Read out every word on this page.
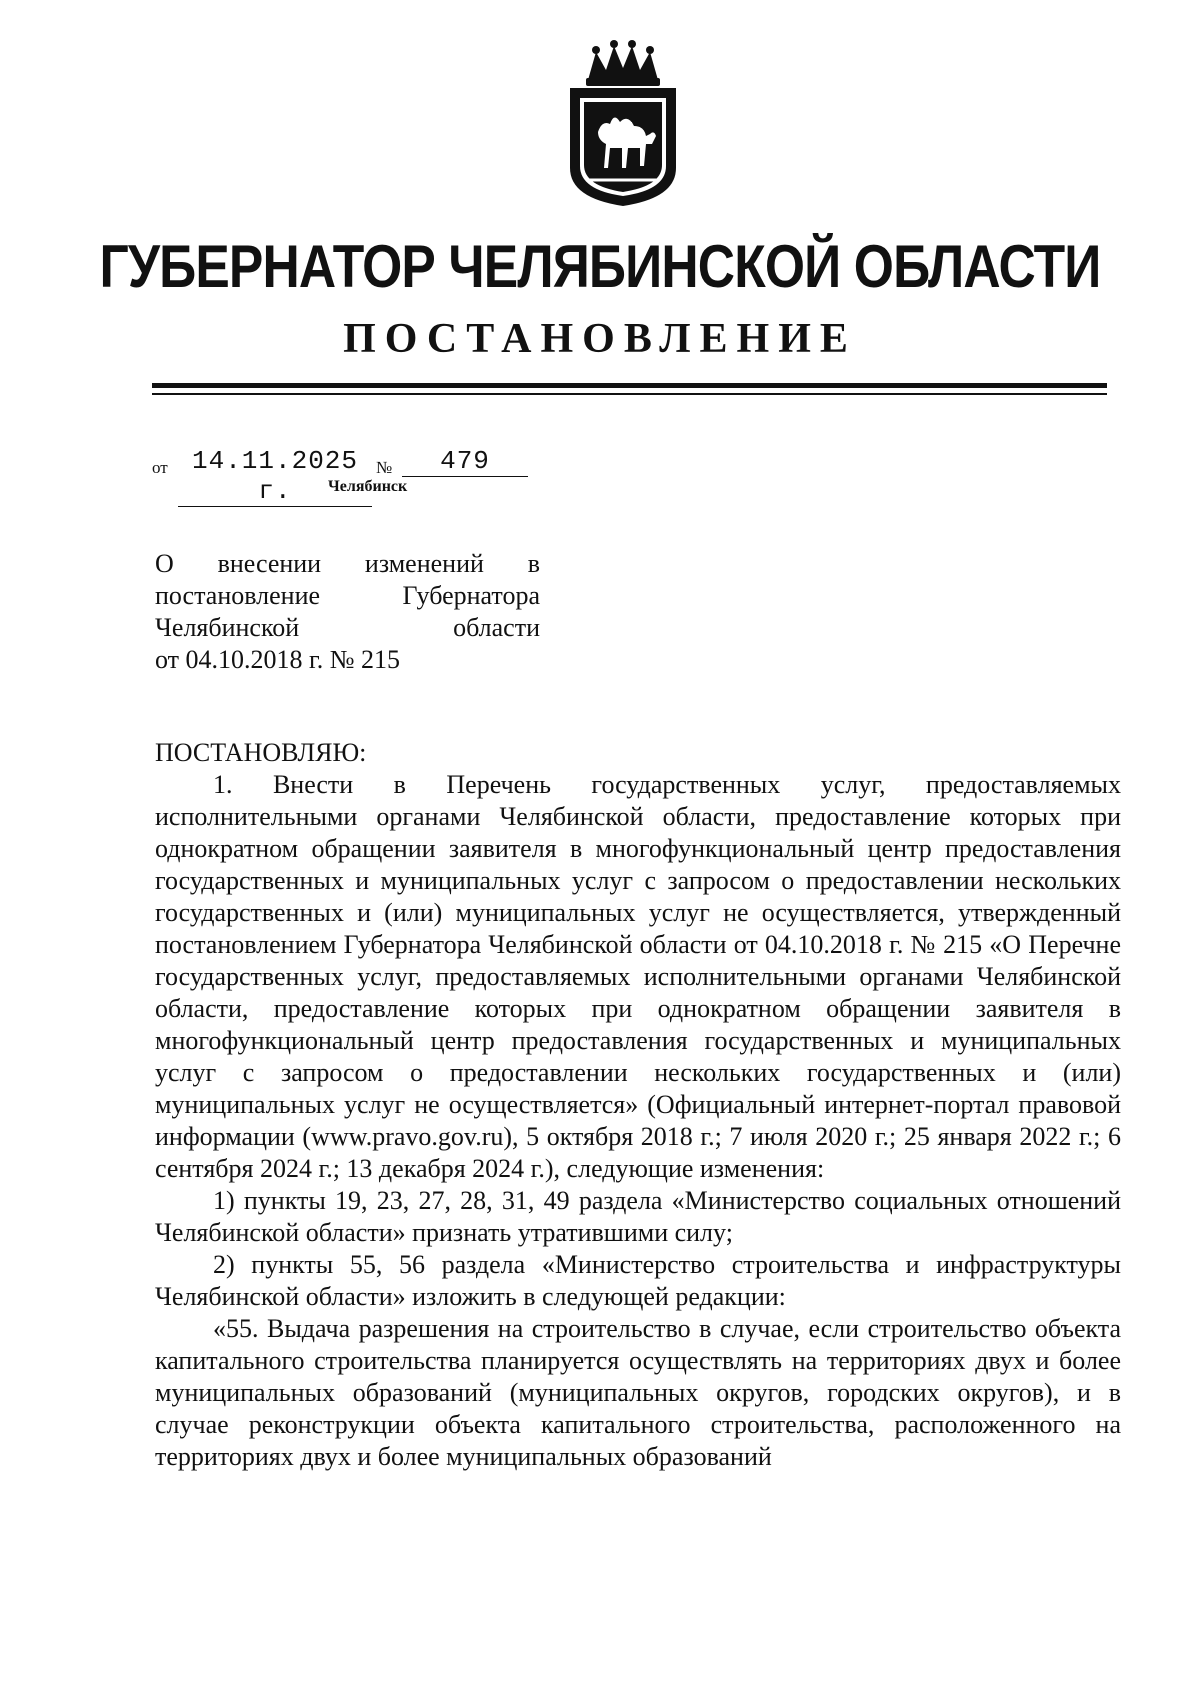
ГУБЕРНАТОР ЧЕЛЯБИНСКОЙ ОБЛАСТИ
ПОСТАНОВЛЕНИЕ
от 14.11.2025 г.
№	479
Челябинск
О внесении изменений в
постановление Губернатора
Челябинской области
от 04.10.2018 г. № 215

ПОСТАНОВЛЯЮ:

1. Внести в Перечень государственных услуг, предоставляемых исполнительными органами Челябинской области, предоставление которых при однократном обращении заявителя в многофункциональный центр предоставления государственных и муниципальных услуг с запросом о предоставлении нескольких государственных и (или) муниципальных услуг не осуществляется, утвержденный постановлением Губернатора Челябинской области от 04.10.2018 г. № 215 «О Перечне государственных услуг, предоставляемых исполнительными органами Челябинской области, предоставление которых при однократном обращении заявителя в многофункциональный центр предоставления государственных и муниципальных услуг с запросом о предоставлении нескольких государственных и (или) муниципальных услуг не осуществляется» (Официальный интернет-портал правовой информации (www.pravo.gov.ru), 5 октября 2018 г.; 7 июля 2020 г.; 25 января 2022 г.; 6 сентября 2024 г.; 13 декабря 2024 г.), следующие изменения:

1) пункты 19, 23, 27, 28, 31, 49 раздела «Министерство социальных отношений Челябинской области» признать утратившими силу;

2) пункты 55, 56 раздела «Министерство строительства и инфраструктуры Челябинской области» изложить в следующей редакции:

«55. Выдача разрешения на строительство в случае, если строительство объекта капитального строительства планируется осуществлять на территориях двух и более муниципальных образований (муниципальных округов, городских округов), и в случае реконструкции объекта капитального строительства, расположенного на территориях двух и более муниципальных образований
